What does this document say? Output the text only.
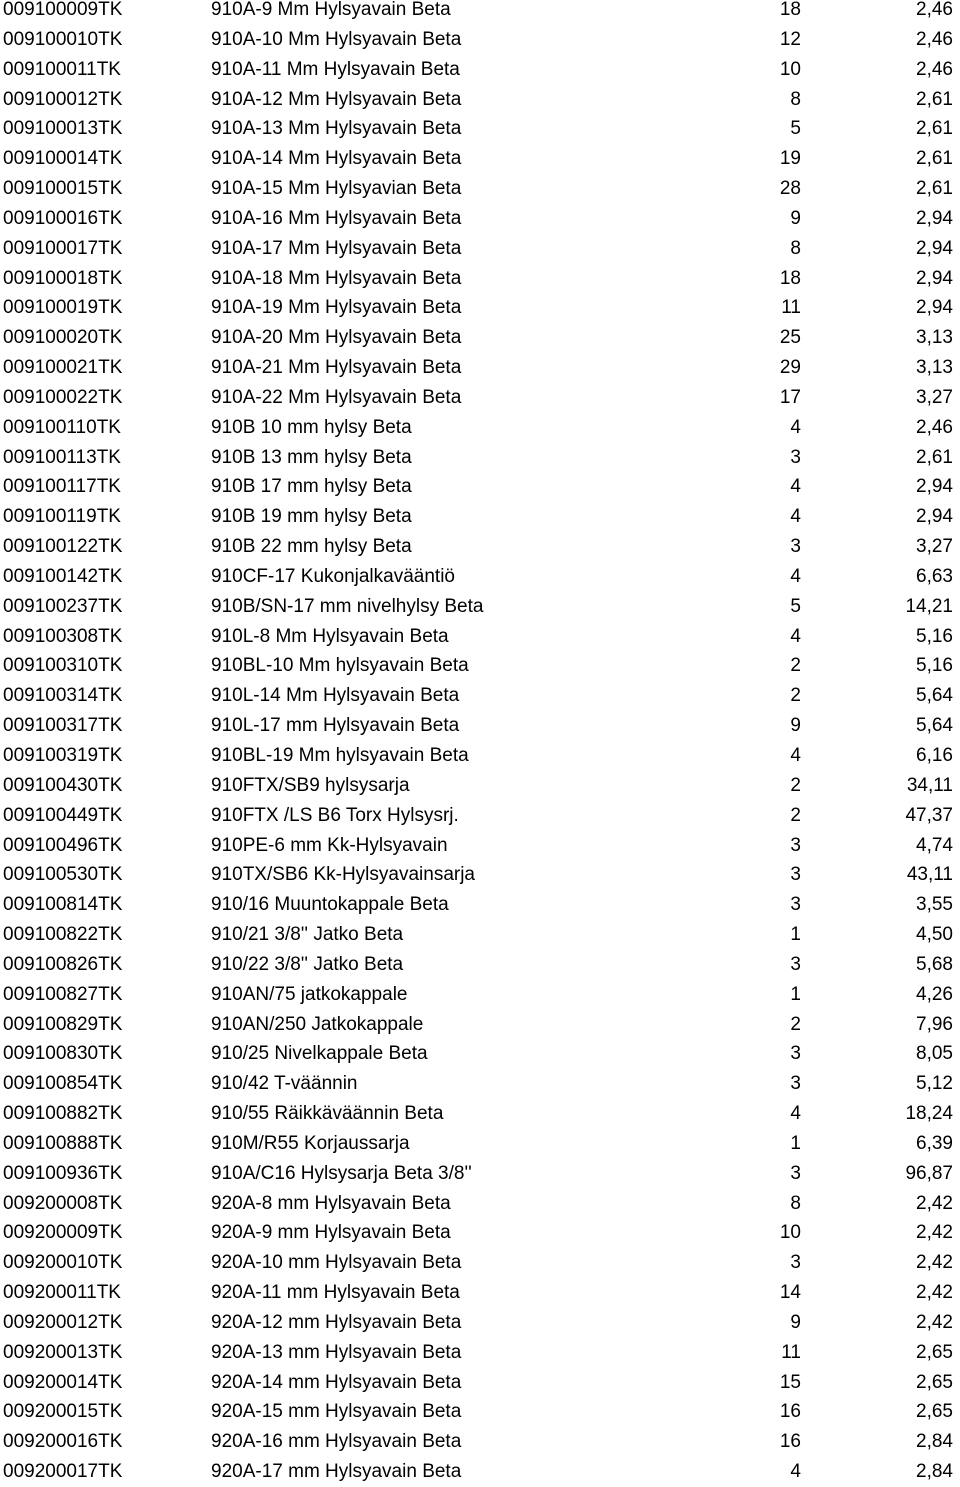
009100009TK	910A-9 Mm Hylsyavain Beta	18	2,46
009100010TK	910A-10 Mm Hylsyavain Beta	12	2,46
009100011TK	910A-11 Mm Hylsyavain Beta	10	2,46
009100012TK	910A-12 Mm Hylsyavain Beta	8	2,61
009100013TK	910A-13 Mm Hylsyavain Beta	5	2,61
009100014TK	910A-14 Mm Hylsyavain Beta	19	2,61
009100015TK	910A-15 Mm Hylsyavian Beta	28	2,61
009100016TK	910A-16 Mm Hylsyavain Beta	9	2,94
009100017TK	910A-17 Mm Hylsyavain Beta	8	2,94
009100018TK	910A-18 Mm Hylsyavain Beta	18	2,94
009100019TK	910A-19 Mm Hylsyavain Beta	11	2,94
009100020TK	910A-20 Mm Hylsyavain Beta	25	3,13
009100021TK	910A-21 Mm Hylsyavain Beta	29	3,13
009100022TK	910A-22 Mm Hylsyavain Beta	17	3,27
009100110TK	910B 10 mm hylsy Beta	4	2,46
009100113TK	910B 13 mm hylsy Beta	3	2,61
009100117TK	910B 17 mm hylsy Beta	4	2,94
009100119TK	910B 19 mm hylsy Beta	4	2,94
009100122TK	910B 22 mm hylsy Beta	3	3,27
009100142TK	910CF-17 Kukonjalkavääntiö	4	6,63
009100237TK	910B/SN-17 mm nivelhylsy Beta	5	14,21
009100308TK	910L-8 Mm Hylsyavain Beta	4	5,16
009100310TK	910BL-10 Mm hylsyavain Beta	2	5,16
009100314TK	910L-14 Mm Hylsyavain Beta	2	5,64
009100317TK	910L-17 mm Hylsyavain Beta	9	5,64
009100319TK	910BL-19 Mm hylsyavain Beta	4	6,16
009100430TK	910FTX/SB9 hylsysarja	2	34,11
009100449TK	910FTX /LS B6 Torx Hylsysrj.	2	47,37
009100496TK	910PE-6 mm Kk-Hylsyavain	3	4,74
009100530TK	910TX/SB6 Kk-Hylsyavainsarja	3	43,11
009100814TK	910/16 Muuntokappale Beta	3	3,55
009100822TK	910/21 3/8'' Jatko Beta	1	4,50
009100826TK	910/22 3/8'' Jatko Beta	3	5,68
009100827TK	910AN/75 jatkokappale	1	4,26
009100829TK	910AN/250 Jatkokappale	2	7,96
009100830TK	910/25 Nivelkappale Beta	3	8,05
009100854TK	910/42 T-väännin	3	5,12
009100882TK	910/55 Räikkäväännin Beta	4	18,24
009100888TK	910M/R55 Korjaussarja	1	6,39
009100936TK	910A/C16 Hylsysarja Beta 3/8''	3	96,87
009200008TK	920A-8 mm Hylsyavain Beta	8	2,42
009200009TK	920A-9 mm Hylsyavain Beta	10	2,42
009200010TK	920A-10 mm Hylsyavain Beta	3	2,42
009200011TK	920A-11 mm Hylsyavain Beta	14	2,42
009200012TK	920A-12 mm Hylsyavain Beta	9	2,42
009200013TK	920A-13 mm Hylsyavain Beta	11	2,65
009200014TK	920A-14 mm Hylsyavain Beta	15	2,65
009200015TK	920A-15 mm Hylsyavain Beta	16	2,65
009200016TK	920A-16 mm Hylsyavain Beta	16	2,84
009200017TK	920A-17 mm Hylsyavain Beta	4	2,84
